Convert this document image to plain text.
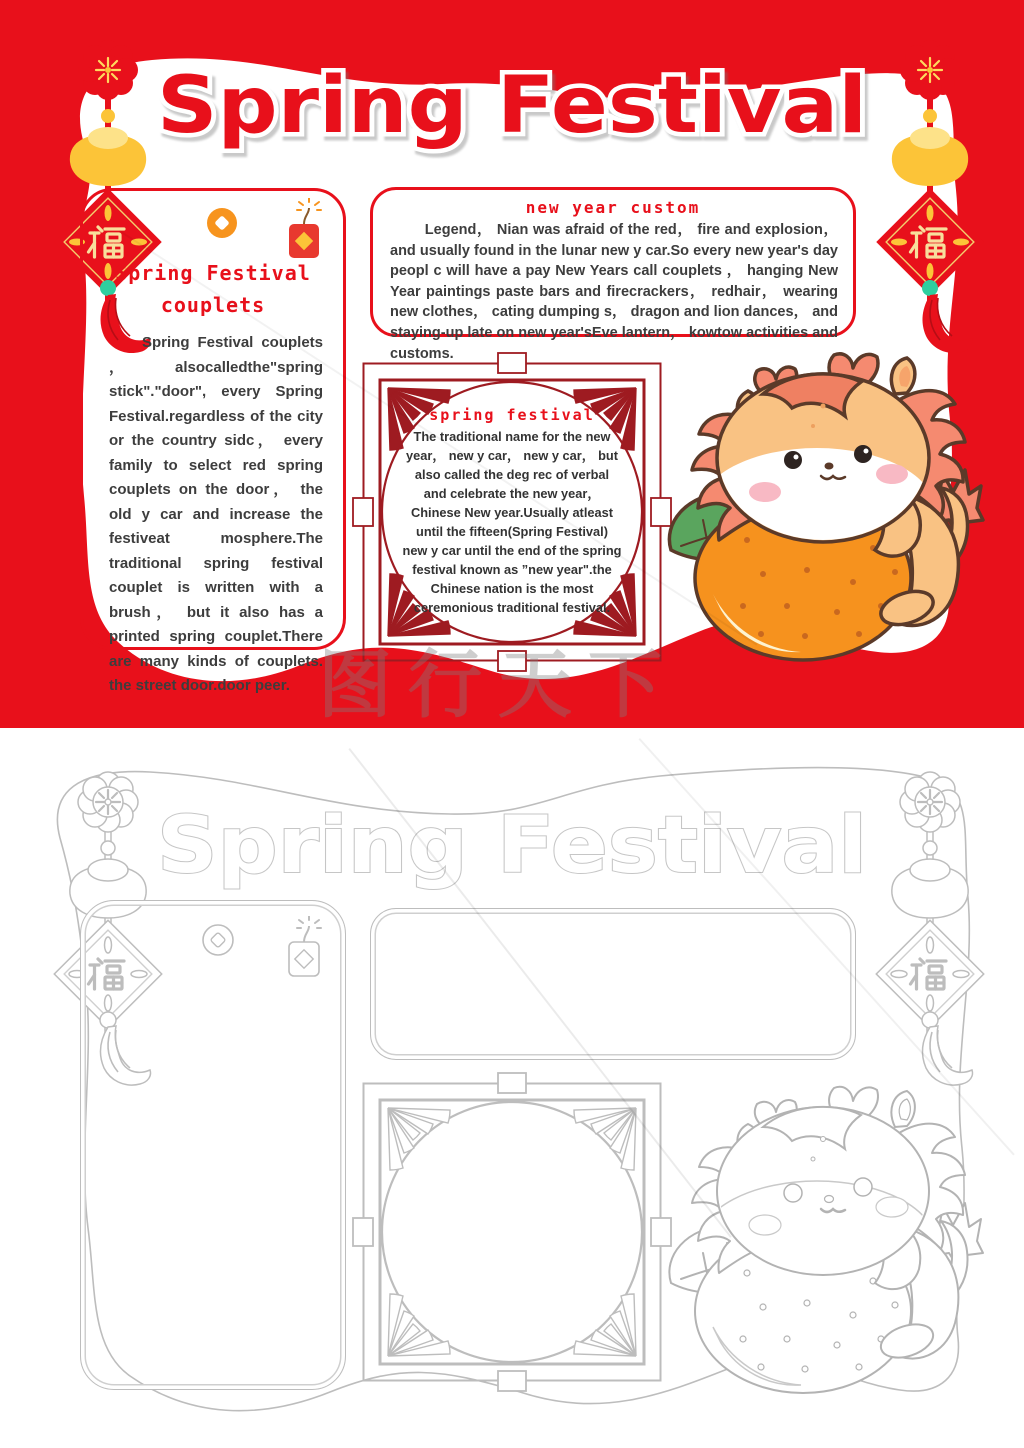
Spring Festival
Spring Festival
couplets
Spring Festival couplets ，alsocalledthe"spring stick"."door", every Spring Festival.regardless of the city or the country sidc， every family to select red spring couplets on the door， the old y car and increase the festiveat mosphere.The traditional spring festival couplet is written with a brush， but it also has a printed spring couplet.There are many kinds of couplets. the street door.door peer.
new year custom
Legend， Nian was afraid of the red， fire and explosion， and usually found in the lunar new y car.So every new year's day peopl c will have a pay New Years call couplets ， hanging New Year paintings paste bars and firecrackers， redhair， wearing new clothes， cating dumping s， dragon and lion dances， and staying-up late on new year'sEve lantern， kowtow activities and customs.
spring festival
The traditional name for the new year， new y car， new y car， but also called the deg rec of verbal and celebrate the new year， Chinese New year.Usually atleast until the fifteen(Spring Festival) new y car until the end of the spring festival known as ”new year".the Chinese nation is the most ceremonious traditional festival.
图行天下
Spring Festival
